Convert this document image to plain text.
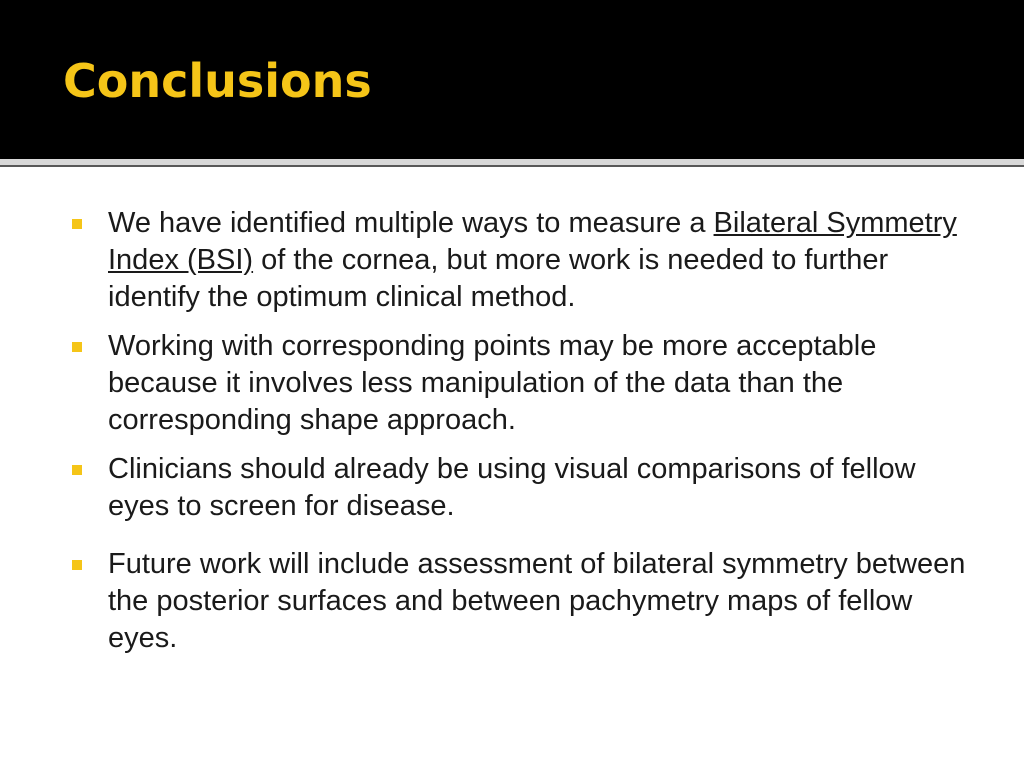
Conclusions
We have identified multiple ways to measure a Bilateral Symmetry Index (BSI) of the cornea, but more work is needed to further identify the optimum clinical method.
Working with corresponding points may be more acceptable because it involves less manipulation of the data than the corresponding shape approach.
Clinicians should already be using visual comparisons of fellow eyes to screen for disease.
Future work will include assessment of bilateral symmetry between the posterior surfaces and between pachymetry maps of fellow eyes.
